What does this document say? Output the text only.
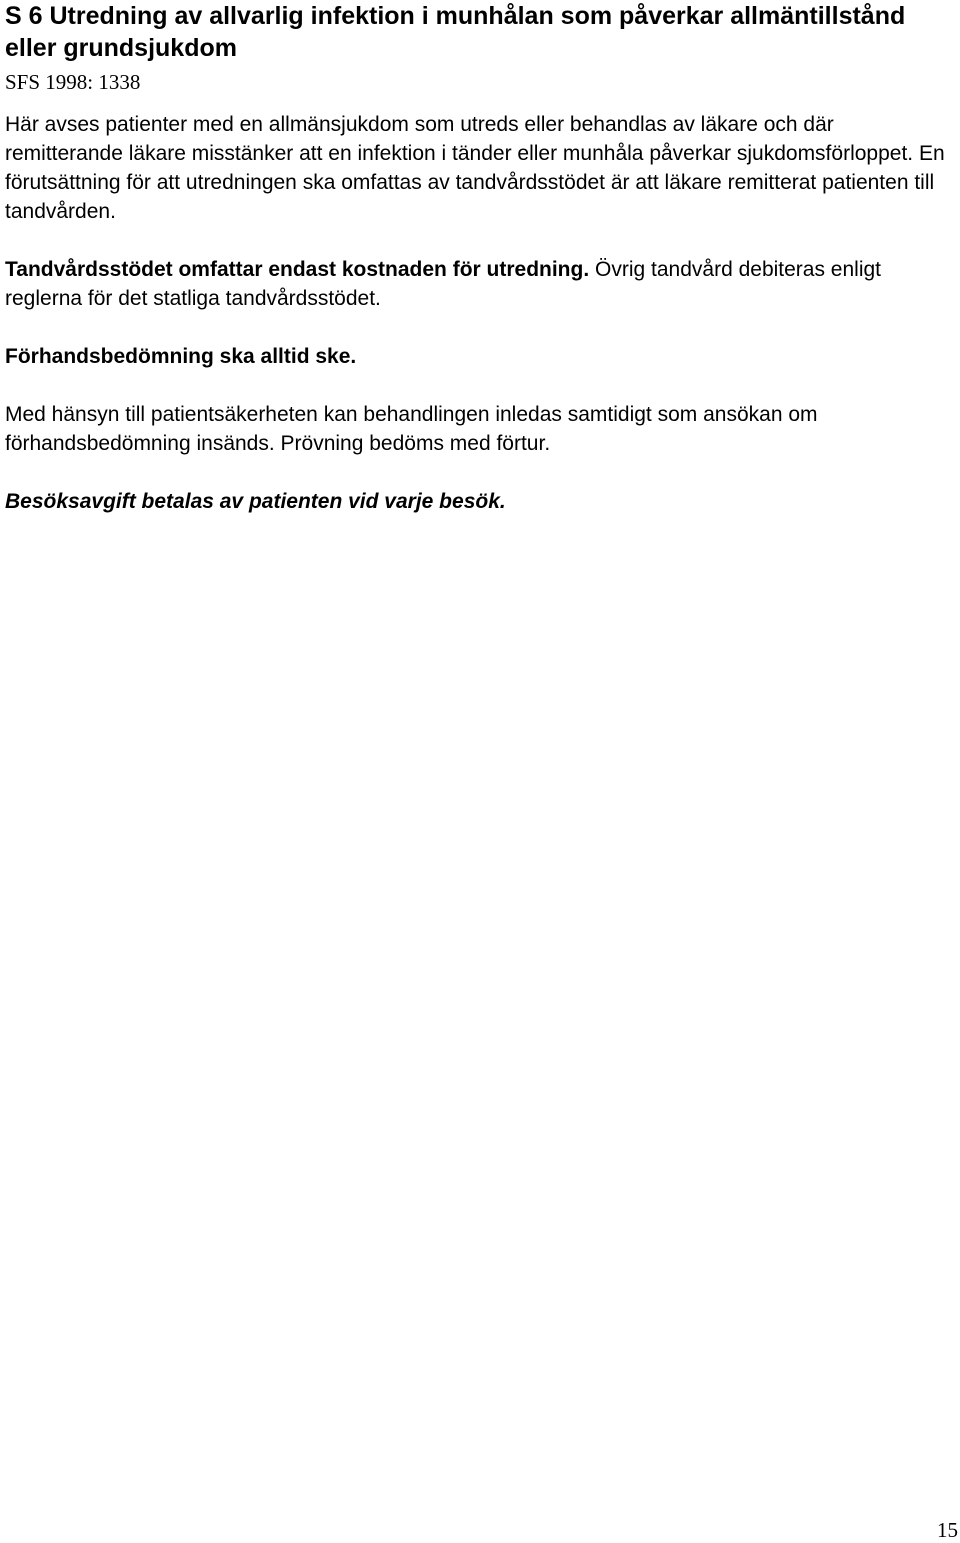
S 6 Utredning av allvarlig infektion i munhålan som påverkar allmäntillstånd eller grundsjukdom
SFS 1998: 1338

Här avses patienter med en allmänsjukdom som utreds eller behandlas av läkare och där remitterande läkare misstänker att en infektion i tänder eller munhåla påverkar sjukdomsförloppet. En förutsättning för att utredningen ska omfattas av tandvårdsstödet är att läkare remitterat patienten till tandvården.

Tandvårdsstödet omfattar endast kostnaden för utredning. Övrig tandvård debiteras enligt reglerna för det statliga tandvårdsstödet.

Förhandsbedömning ska alltid ske.

Med hänsyn till patientsäkerheten kan behandlingen inledas samtidigt som ansökan om förhandsbedömning insänds. Prövning bedöms med förtur.

Besöksavgift betalas av patienten vid varje besök.

15
